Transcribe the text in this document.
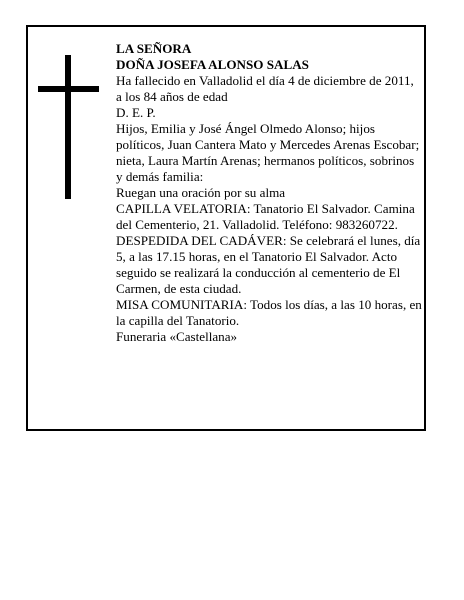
LA SEÑORA

DOÑA JOSEFA ALONSO SALAS

Ha fallecido en Valladolid el día 4 de diciembre de 2011, a los 84 años de edad

D. E. P.

Hijos, Emilia y José Ángel Olmedo Alonso; hijos políticos, Juan Cantera Mato y Mercedes Arenas Escobar; nieta, Laura Martín Arenas; hermanos políticos, sobrinos y demás familia:

Ruegan una oración por su alma

CAPILLA VELATORIA: Tanatorio El Salvador. Camina del Cementerio, 21. Valladolid. Teléfono: 983260722.

DESPEDIDA DEL CADÁVER: Se celebrará el lunes, día 5, a las 17.15 horas, en el Tanatorio El Salvador. Acto seguido se realizará la conducción al cementerio de El Carmen, de esta ciudad.

MISA COMUNITARIA: Todos los días, a las 10 horas, en la capilla del Tanatorio.

Funeraria «Castellana»
